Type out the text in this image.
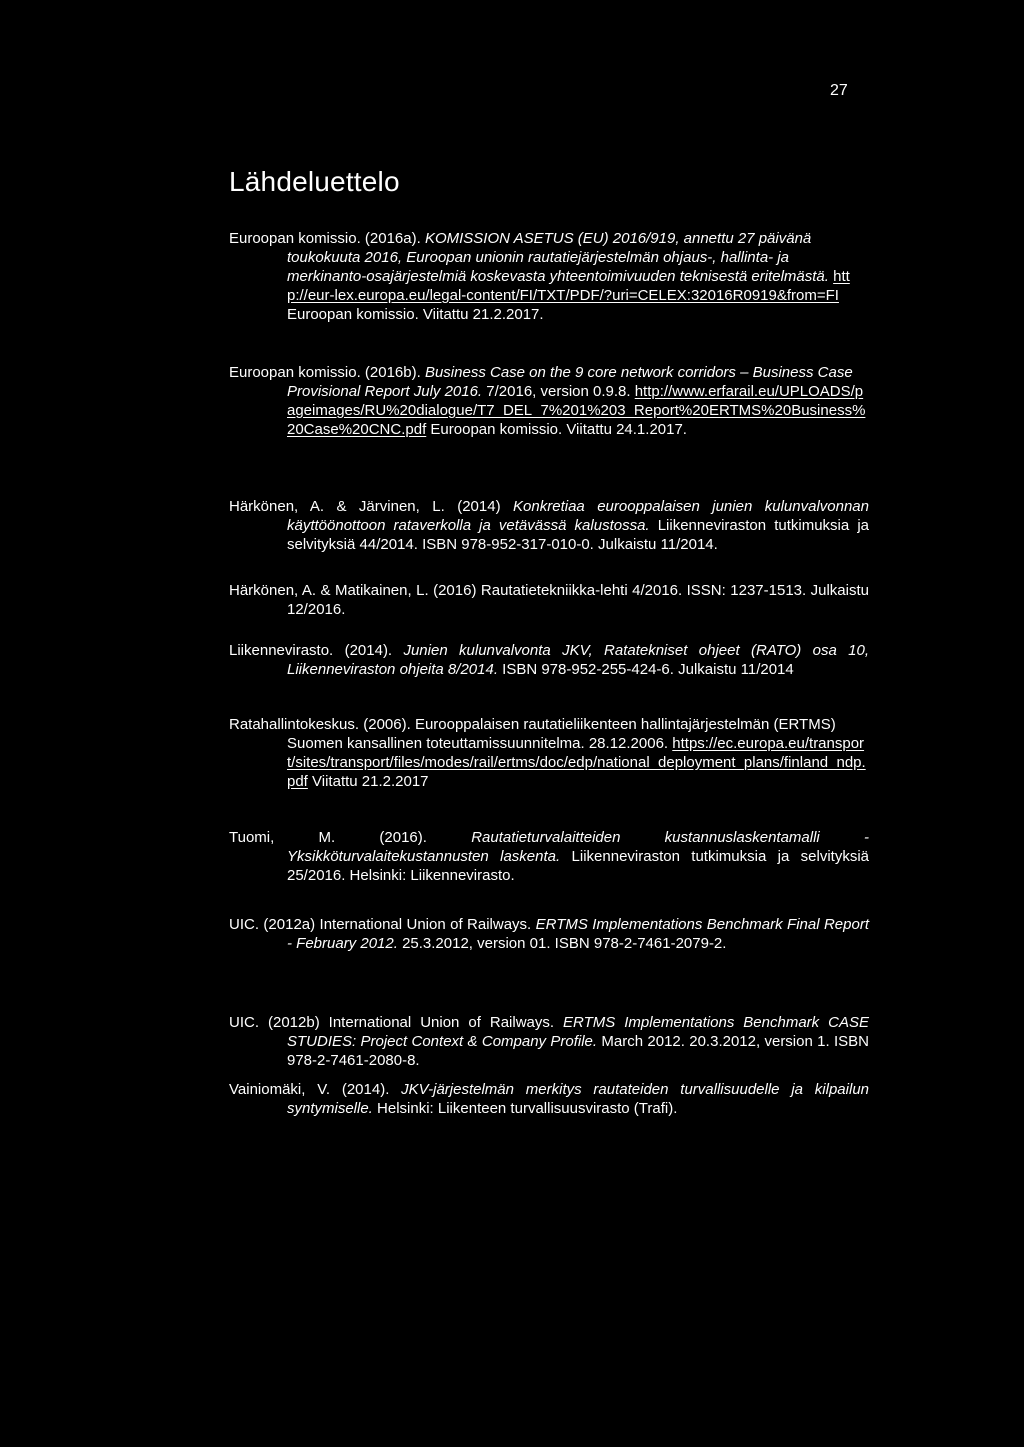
27
Lähdeluettelo

Euroopan komissio. (2016a). KOMISSION ASETUS (EU) 2016/919, annettu 27 päivänä toukokuuta 2016, Euroopan unionin rautatiejärjestelmän ohjaus-, hallinta- ja merkinanto-osajärjestelmiä koskevasta yhteentoimivuuden teknisestä eritelmästä. http://eur-lex.europa.eu/legal-content/FI/TXT/PDF/?uri=CELEX:32016R0919&from=FI Euroopan komissio. Viitattu 21.2.2017.

Euroopan komissio. (2016b). Business Case on the 9 core network corridors – Business Case Provisional Report July 2016. 7/2016, version 0.9.8. http://www.erfarail.eu/UPLOADS/pageimages/RU%20dialogue/T7_DEL_7%201%203_Report%20ERTMS%20Business%20Case%20CNC.pdf Euroopan komissio. Viitattu 24.1.2017.

Härkönen, A. & Järvinen, L. (2014) Konkretiaa eurooppalaisen junien kulunvalvonnan käyttöönottoon rataverkolla ja vetävässä kalustossa. Liikenneviraston tutkimuksia ja selvityksiä 44/2014. ISBN 978-952-317-010-0. Julkaistu 11/2014.

Härkönen, A. & Matikainen, L. (2016) Rautatietekniikka-lehti 4/2016. ISSN: 1237-1513. Julkaistu 12/2016.

Liikennevirasto. (2014). Junien kulunvalvonta JKV, Ratatekniset ohjeet (RATO) osa 10, Liikenneviraston ohjeita 8/2014. ISBN 978-952-255-424-6. Julkaistu 11/2014

Ratahallintokeskus. (2006). Eurooppalaisen rautatieliikenteen hallintajärjestelmän (ERTMS) Suomen kansallinen toteuttamissuunnitelma. 28.12.2006. https://ec.europa.eu/transport/sites/transport/files/modes/rail/ertms/doc/edp/national_deployment_plans/finland_ndp.pdf Viitattu 21.2.2017

Tuomi, M. (2016).	Rautatieturvalaitteiden kustannuslaskentamalli - Yksikköturvalaitekustannusten laskenta. Liikenneviraston tutkimuksia ja selvityksiä 25/2016. Helsinki: Liikennevirasto.

UIC. (2012a) International Union of Railways. ERTMS Implementations Benchmark Final Report - February 2012. 25.3.2012, version 01. ISBN 978-2-7461-2079-2.

UIC. (2012b) International Union of Railways. ERTMS Implementations Benchmark CASE STUDIES: Project Context & Company Profile. March 2012. 20.3.2012, version 1. ISBN 978-2-7461-2080-8.

Vainiomäki, V. (2014). JKV-järjestelmän merkitys rautateiden turvallisuudelle ja kilpailun syntymiselle. Helsinki: Liikenteen turvallisuusvirasto (Trafi).
